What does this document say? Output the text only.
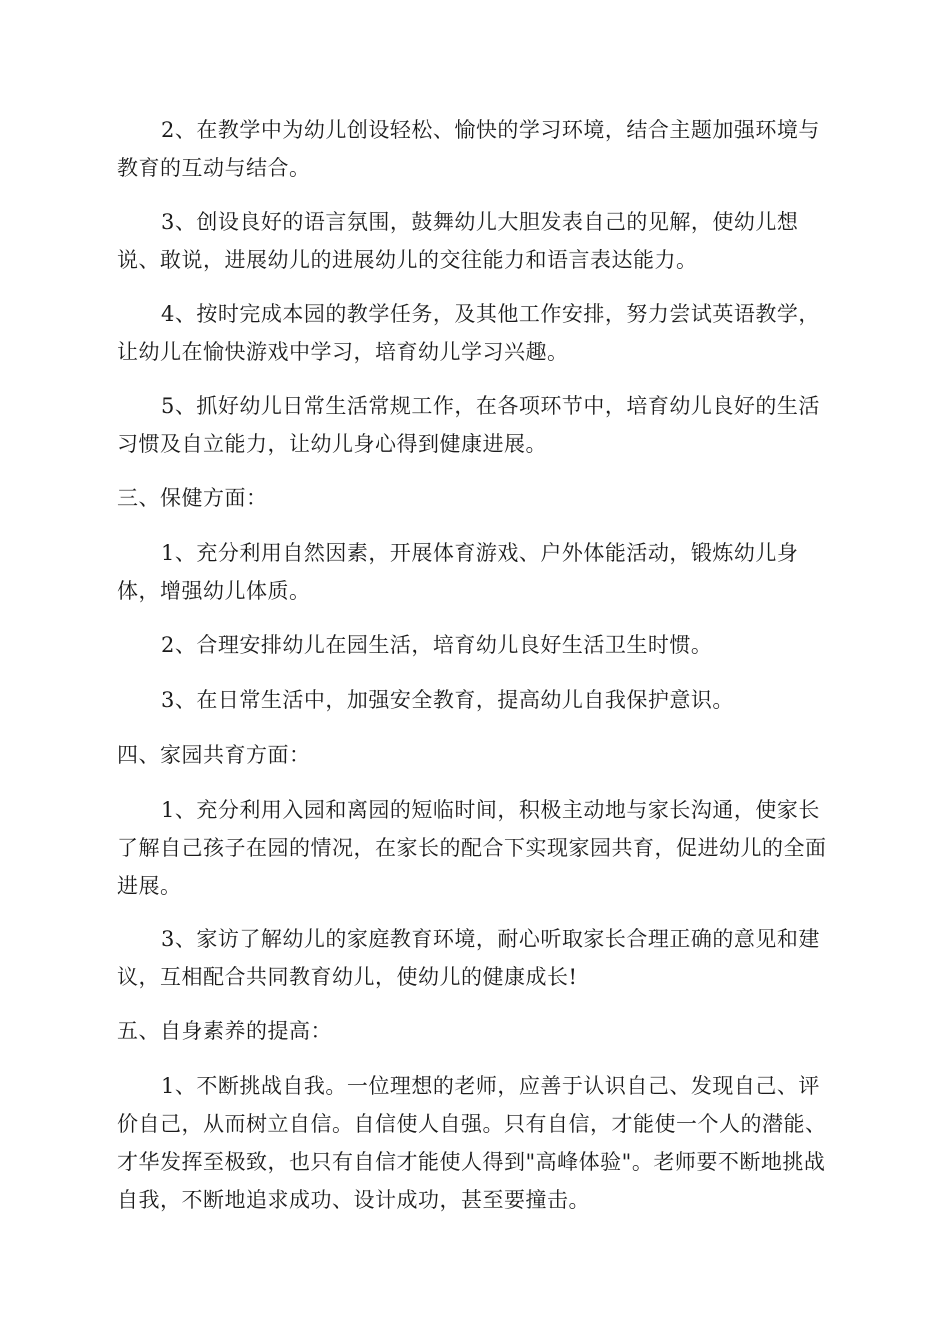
2、在教学中为幼儿创设轻松、愉快的学习环境，结合主题加强环境与教育的互动与结合。

3、创设良好的语言氛围，鼓舞幼儿大胆发表自己的见解，使幼儿想说、敢说，进展幼儿的进展幼儿的交往能力和语言表达能力。

4、按时完成本园的教学任务，及其他工作安排，努力尝试英语教学，让幼儿在愉快游戏中学习，培育幼儿学习兴趣。

5、抓好幼儿日常生活常规工作，在各项环节中，培育幼儿良好的生活习惯及自立能力，让幼儿身心得到健康进展。

三、保健方面：

1、充分利用自然因素，开展体育游戏、户外体能活动，锻炼幼儿身体，增强幼儿体质。

2、合理安排幼儿在园生活，培育幼儿良好生活卫生时惯。

3、在日常生活中，加强安全教育，提高幼儿自我保护意识。

四、家园共育方面：

1、充分利用入园和离园的短临时间，积极主动地与家长沟通，使家长了解自己孩子在园的情况，在家长的配合下实现家园共育，促进幼儿的全面进展。

3、家访了解幼儿的家庭教育环境，耐心听取家长合理正确的意见和建议，互相配合共同教育幼儿，使幼儿的健康成长!

五、自身素养的提高：

1、不断挑战自我。一位理想的老师，应善于认识自己、发现自己、评价自己，从而树立自信。自信使人自强。只有自信，才能使一个人的潜能、才华发挥至极致，也只有自信才能使人得到"高峰体验"。老师要不断地挑战自我，不断地追求成功、设计成功，甚至要撞击。
